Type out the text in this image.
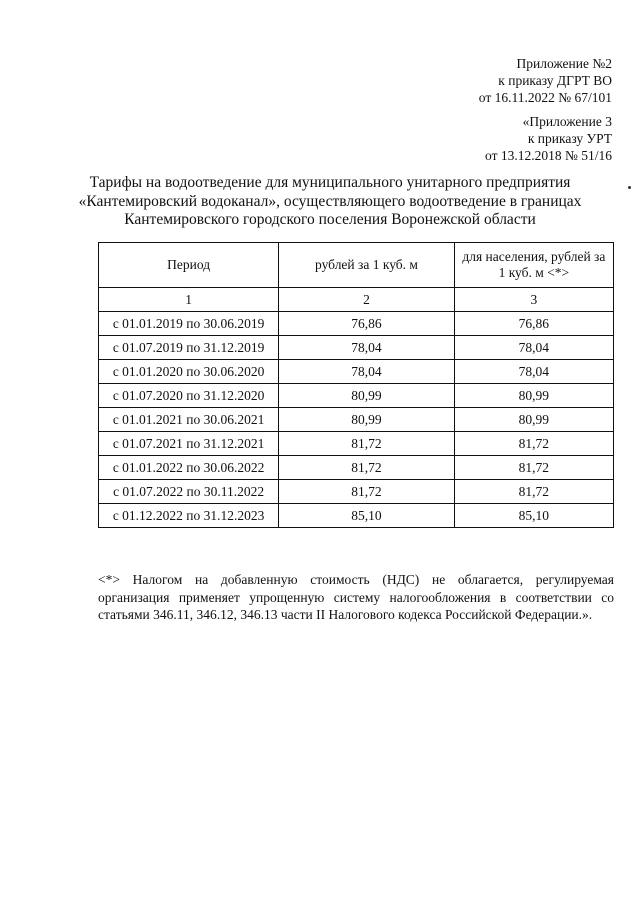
Приложение №2
к приказу ДГРТ ВО
от 16.11.2022 № 67/101
«Приложение 3
к приказу УРТ
от 13.12.2018 № 51/16
Тарифы на водоотведение для муниципального унитарного предприятия
«Кантемировский водоканал», осуществляющего водоотведение в границах
Кантемировского городского поселения Воронежской области
Период	рублей за 1 куб. м	для населения, рублей за 1 куб. м <*>
1	2	3
с 01.01.2019 по 30.06.2019	76,86	76,86
с 01.07.2019 по 31.12.2019	78,04	78,04
с 01.01.2020 по 30.06.2020	78,04	78,04
с 01.07.2020 по 31.12.2020	80,99	80,99
с 01.01.2021 по 30.06.2021	80,99	80,99
с 01.07.2021 по 31.12.2021	81,72	81,72
с 01.01.2022 по 30.06.2022	81,72	81,72
с 01.07.2022 по 30.11.2022	81,72	81,72
с 01.12.2022 по 31.12.2023	85,10	85,10
<*> Налогом на добавленную стоимость (НДС) не облагается, регулируемая организация применяет упрощенную систему налогообложения в соответствии со статьями 346.11, 346.12, 346.13 части II Налогового кодекса Российской Федерации.».
